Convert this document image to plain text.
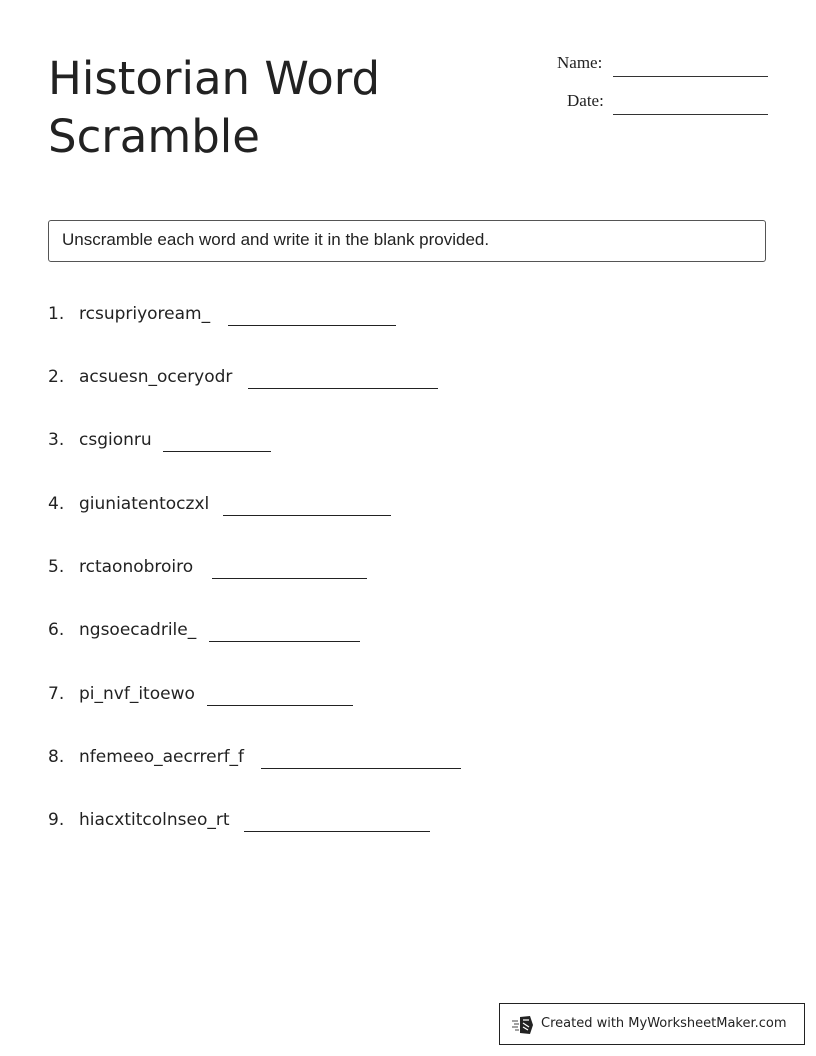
Historian Word Scramble
Name:
Date:
Unscramble each word and write it in the blank provided.
1. rcsupriyoream_
2. acsuesn_oceryodr
3. csgionru
4. giuniatentoczxl
5. rctaonobroiro
6. ngsoecadrile_
7. pi_nvf_itoewo
8. nfemeeo_aecrrerf_f
9. hiacxtitcolnseo_rt
Created with MyWorksheetMaker.com
